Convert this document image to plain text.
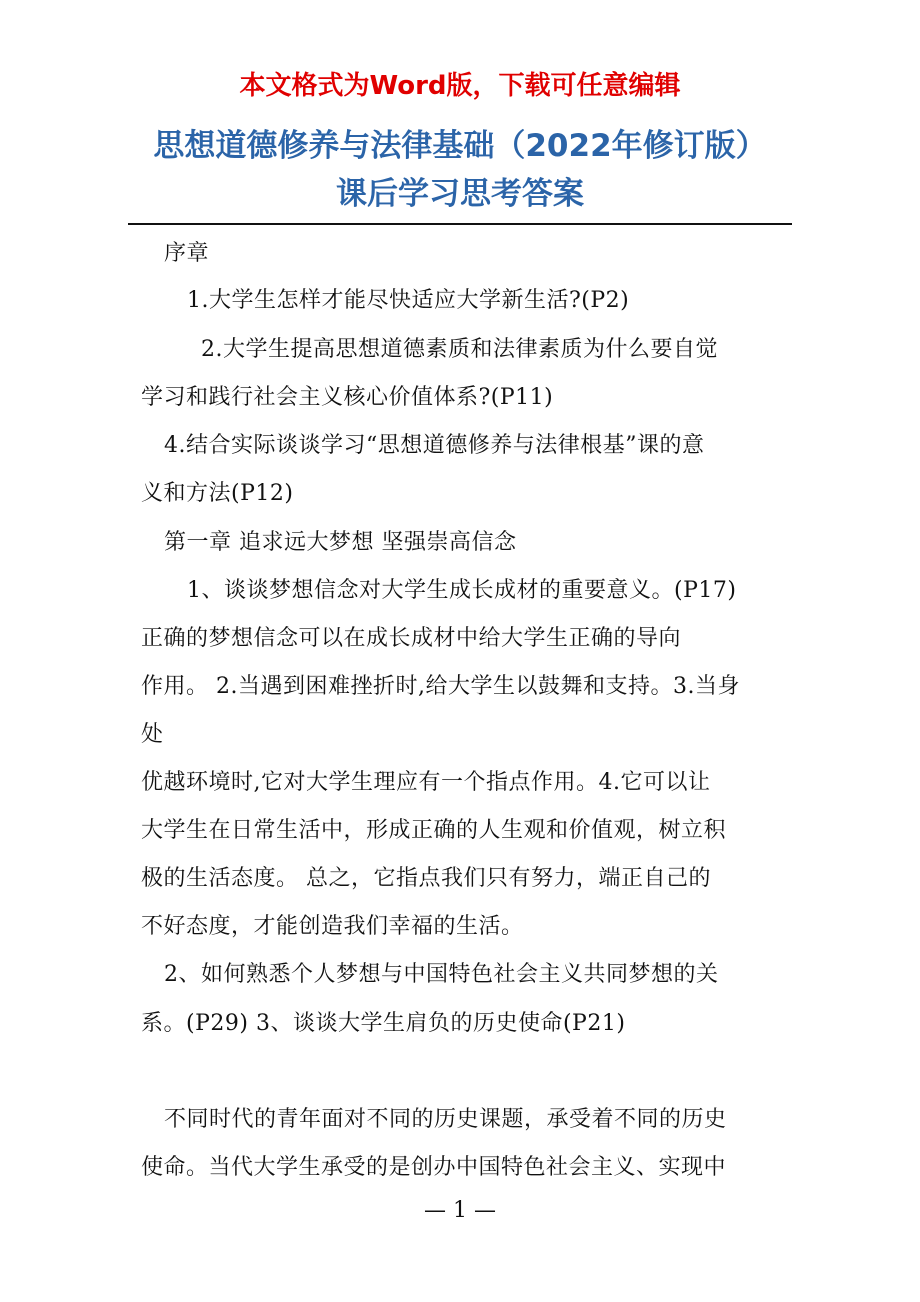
本文格式为Word版，下载可任意编辑
思想道德修养与法律基础（2022年修订版）
课后学习思考答案
序章
1.大学生怎样才能尽快适应大学新生活?(P2)
2.大学生提高思想道德素质和法律素质为什么要自觉
学习和践行社会主义核心价值体系?(P11)
4.结合实际谈谈学习“思想道德修养与法律根基”课的意
义和方法(P12)
第一章 追求远大梦想 坚强崇高信念
1、谈谈梦想信念对大学生成长成材的重要意义。(P17)
正确的梦想信念可以在成长成材中给大学生正确的导向
作用。 2.当遇到困难挫折时,给大学生以鼓舞和支持。3.当身
处
优越环境时,它对大学生理应有一个指点作用。4.它可以让
大学生在日常生活中，形成正确的人生观和价值观，树立积
极的生活态度。 总之，它指点我们只有努力，端正自己的
不好态度，才能创造我们幸福的生活。
2、如何熟悉个人梦想与中国特色社会主义共同梦想的关
系。(P29) 3、谈谈大学生肩负的历史使命(P21)
不同时代的青年面对不同的历史课题，承受着不同的历史
使命。当代大学生承受的是创办中国特色社会主义、实现中
— 1 —
